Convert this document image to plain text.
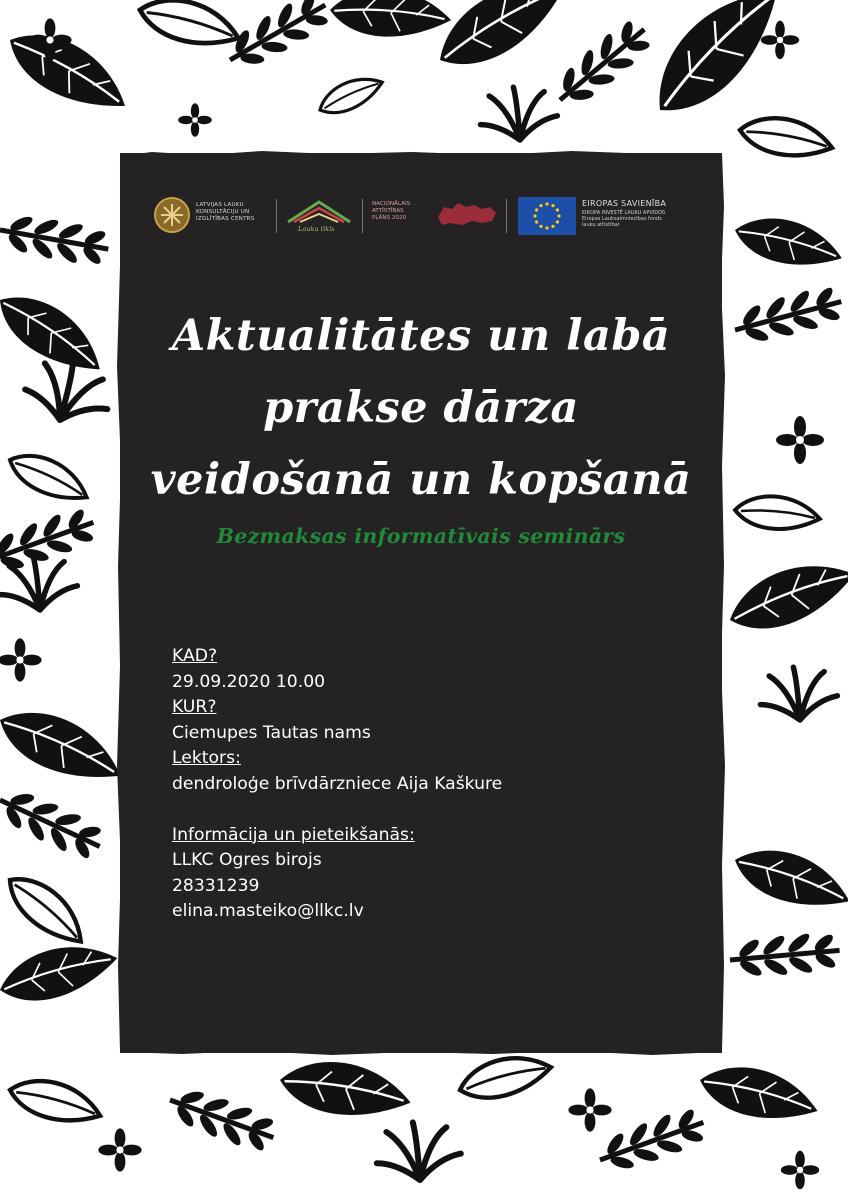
LATVIJAS LAUKU
KONSULTĀCIJU UN
IZGLĪTĪBAS CENTRS
Lauku tīkls
NACIONĀLAIS
ATTĪSTĪBAS
PLĀNS 2020
EIROPAS SAVIENĪBA
EIROPA INVESTĒ LAUKU APVIDOS
Eiropas Lauksaimniecības fonds
lauku attīstībai
Aktualitātes un labā
prakse dārza
veidošanā un kopšanā

Bezmaksas informatīvais seminārs

KAD?
29.09.2020 10.00
KUR?
Ciemupes Tautas nams
Lektors:
dendroloģe brīvdārzniece Aija Kaškure
Informācija un pieteikšanās:
LLKC Ogres birojs
28331239
elina.masteiko@llkc.lv
